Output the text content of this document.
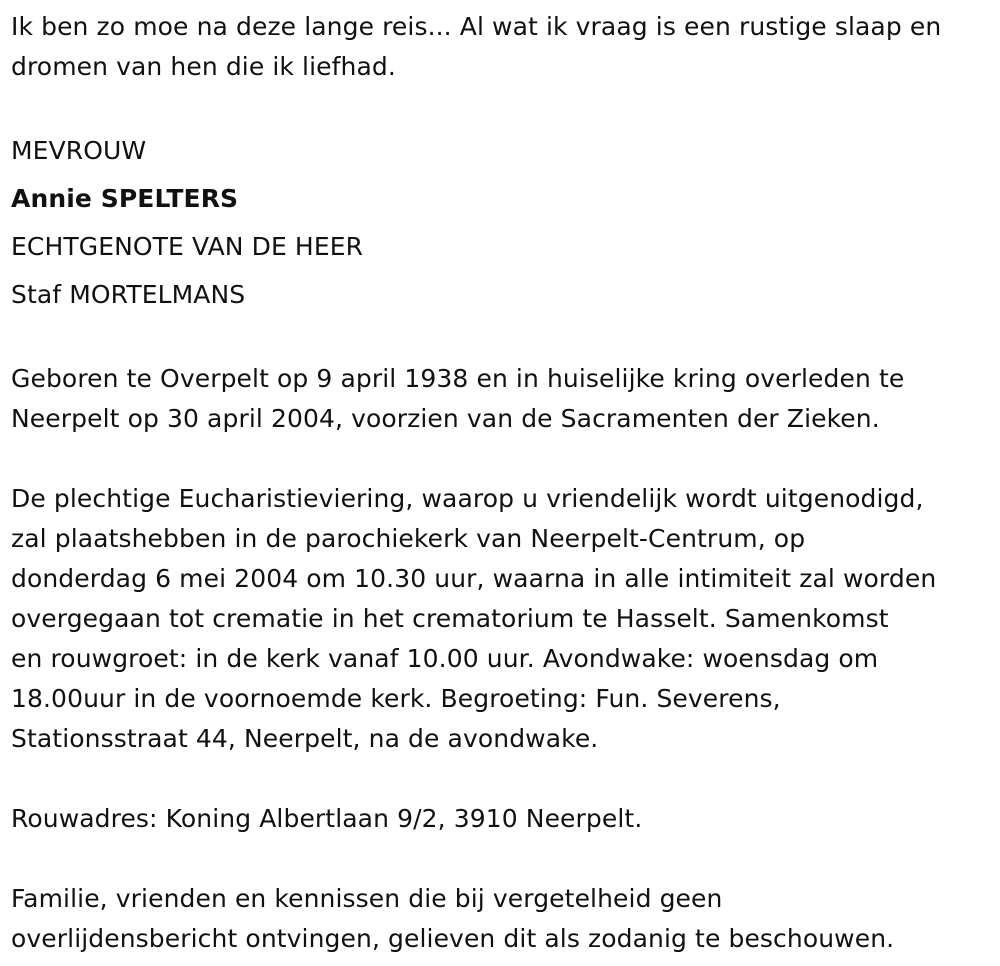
Ik ben zo moe na deze lange reis... Al wat ik vraag is een rustige slaap en
dromen van hen die ik liefhad.
MEVROUW
Annie SPELTERS
ECHTGENOTE VAN DE HEER
Staf MORTELMANS
Geboren te Overpelt op 9 april 1938 en in huiselijke kring overleden te
Neerpelt op 30 april 2004, voorzien van de Sacramenten der Zieken.
De plechtige Eucharistieviering, waarop u vriendelijk wordt uitgenodigd,
zal plaatshebben in de parochiekerk van Neerpelt-Centrum, op
donderdag 6 mei 2004 om 10.30 uur, waarna in alle intimiteit zal worden
overgegaan tot crematie in het crematorium te Hasselt. Samenkomst
en rouwgroet: in de kerk vanaf 10.00 uur. Avondwake: woensdag om
18.00uur in de voornoemde kerk. Begroeting: Fun. Severens,
Stationsstraat 44, Neerpelt, na de avondwake.
Rouwadres: Koning Albertlaan 9/2, 3910 Neerpelt.
Familie, vrienden en kennissen die bij vergetelheid geen
overlijdensbericht ontvingen, gelieven dit als zodanig te beschouwen.
